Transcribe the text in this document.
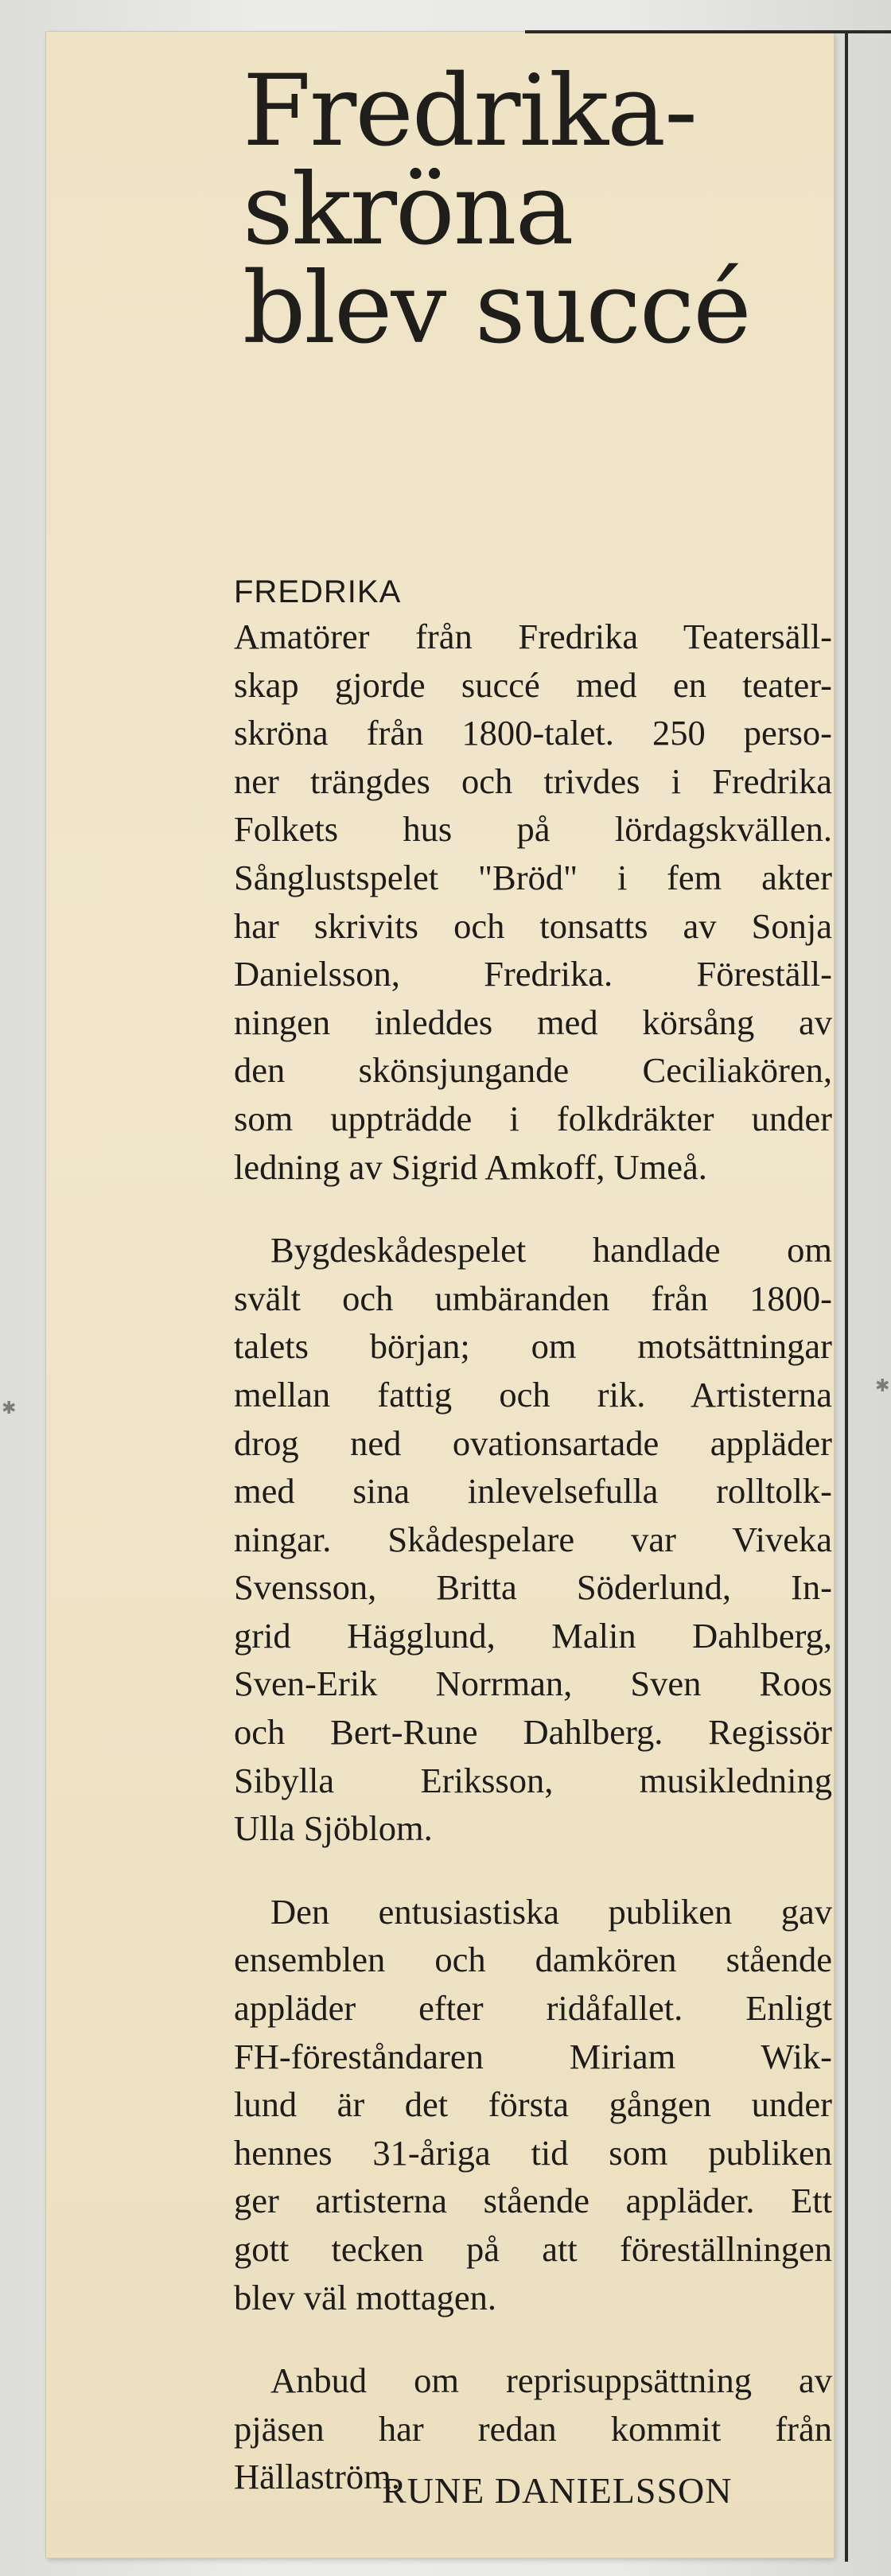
✱
✱
Fredrika-
skröna
blev succé

FREDRIKA

Amatörer från Fredrika Teatersäll-
skap gjorde succé med en teater-
skröna från 1800-talet. 250 perso-
ner trängdes och trivdes i Fredrika
Folkets hus på lördagskvällen.
Sånglustspelet "Bröd" i fem akter
har skrivits och tonsatts av Sonja
Danielsson, Fredrika. Föreställ-
ningen inleddes med körsång av
den skönsjungande Ceciliakören,
som uppträdde i folkdräkter under
ledning av Sigrid Amkoff, Umeå.

Bygdeskådespelet handlade om
svält och umbäranden från 1800-
talets början; om motsättningar
mellan fattig och rik. Artisterna
drog ned ovationsartade appläder
med sina inlevelsefulla rolltolk-
ningar. Skådespelare var Viveka
Svensson, Britta Söderlund, In-
grid Hägglund, Malin Dahlberg,
Sven-Erik Norrman, Sven Roos
och Bert-Rune Dahlberg. Regissör
Sibylla Eriksson, musikledning
Ulla Sjöblom.

Den entusiastiska publiken gav
ensemblen och damkören stående
appläder efter ridåfallet. Enligt
FH-föreståndaren Miriam Wik-
lund är det första gången under
hennes 31-åriga tid som publiken
ger artisterna stående appläder. Ett
gott tecken på att föreställningen
blev väl mottagen.

Anbud om reprisuppsättning av
pjäsen har redan kommit från
Hällaström.

RUNE DANIELSSON
